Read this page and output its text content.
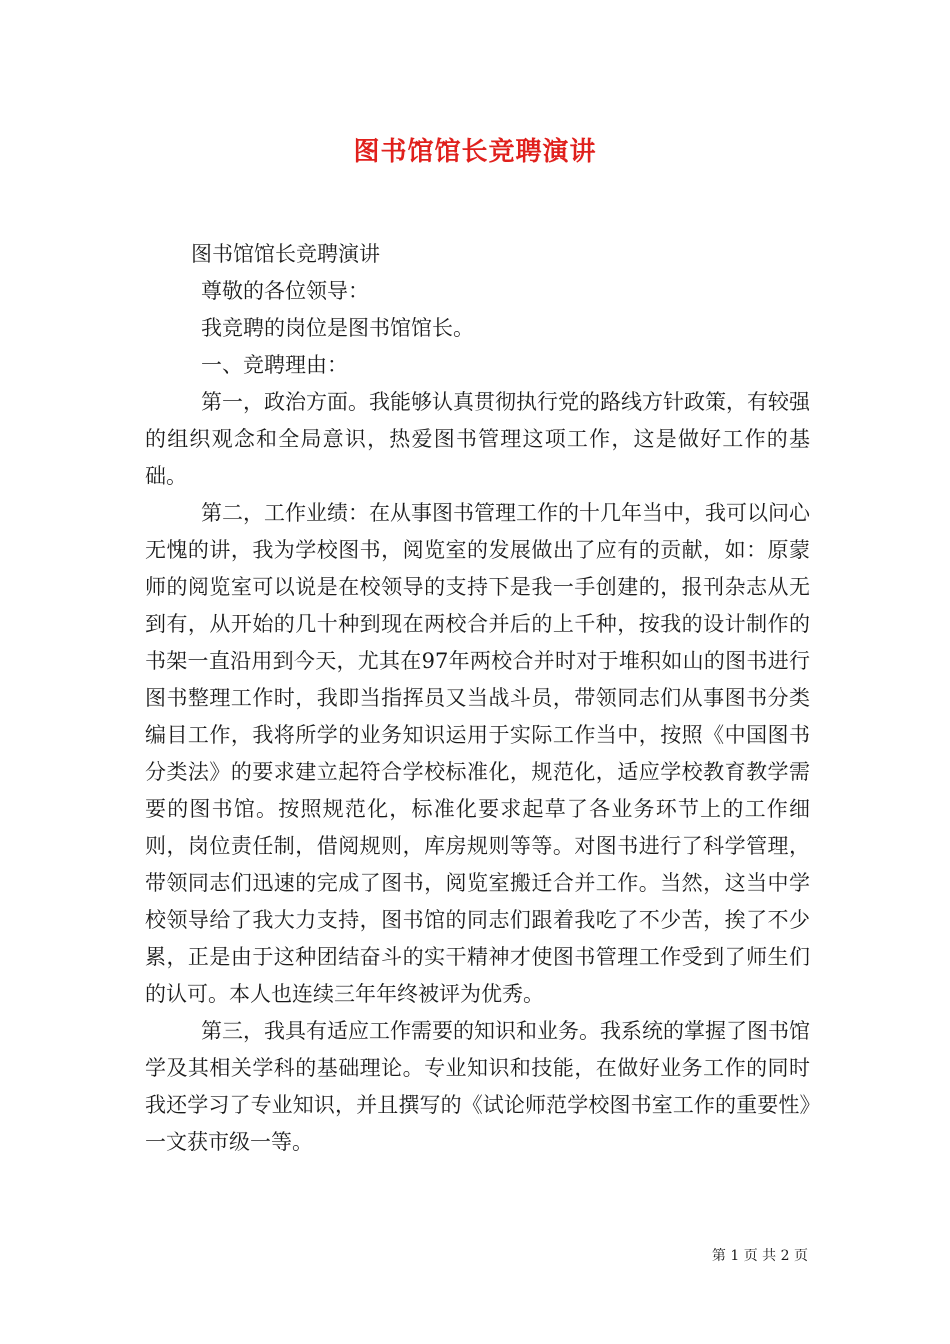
图书馆馆长竞聘演讲

图书馆馆长竞聘演讲

尊敬的各位领导：

我竞聘的岗位是图书馆馆长。

一、竞聘理由：

第一，政治方面。我能够认真贯彻执行党的路线方针政策，有较强的组织观念和全局意识，热爱图书管理这项工作，这是做好工作的基础。

第二，工作业绩：在从事图书管理工作的十几年当中，我可以问心无愧的讲，我为学校图书，阅览室的发展做出了应有的贡献，如：原蒙师的阅览室可以说是在校领导的支持下是我一手创建的，报刊杂志从无到有，从开始的几十种到现在两校合并后的上千种，按我的设计制作的书架一直沿用到今天，尤其在97年两校合并时对于堆积如山的图书进行图书整理工作时，我即当指挥员又当战斗员，带领同志们从事图书分类编目工作，我将所学的业务知识运用于实际工作当中，按照《中国图书分类法》的要求建立起符合学校标准化，规范化，适应学校教育教学需要的图书馆。按照规范化，标准化要求起草了各业务环节上的工作细则，岗位责任制，借阅规则，库房规则等等。对图书进行了科学管理，带领同志们迅速的完成了图书，阅览室搬迁合并工作。当然，这当中学校领导给了我大力支持，图书馆的同志们跟着我吃了不少苦，挨了不少累，正是由于这种团结奋斗的实干精神才使图书管理工作受到了师生们的认可。本人也连续三年年终被评为优秀。

第三，我具有适应工作需要的知识和业务。我系统的掌握了图书馆学及其相关学科的基础理论。专业知识和技能，在做好业务工作的同时我还学习了专业知识，并且撰写的《试论师范学校图书室工作的重要性》一文获市级一等。

第 1 页 共 2 页
